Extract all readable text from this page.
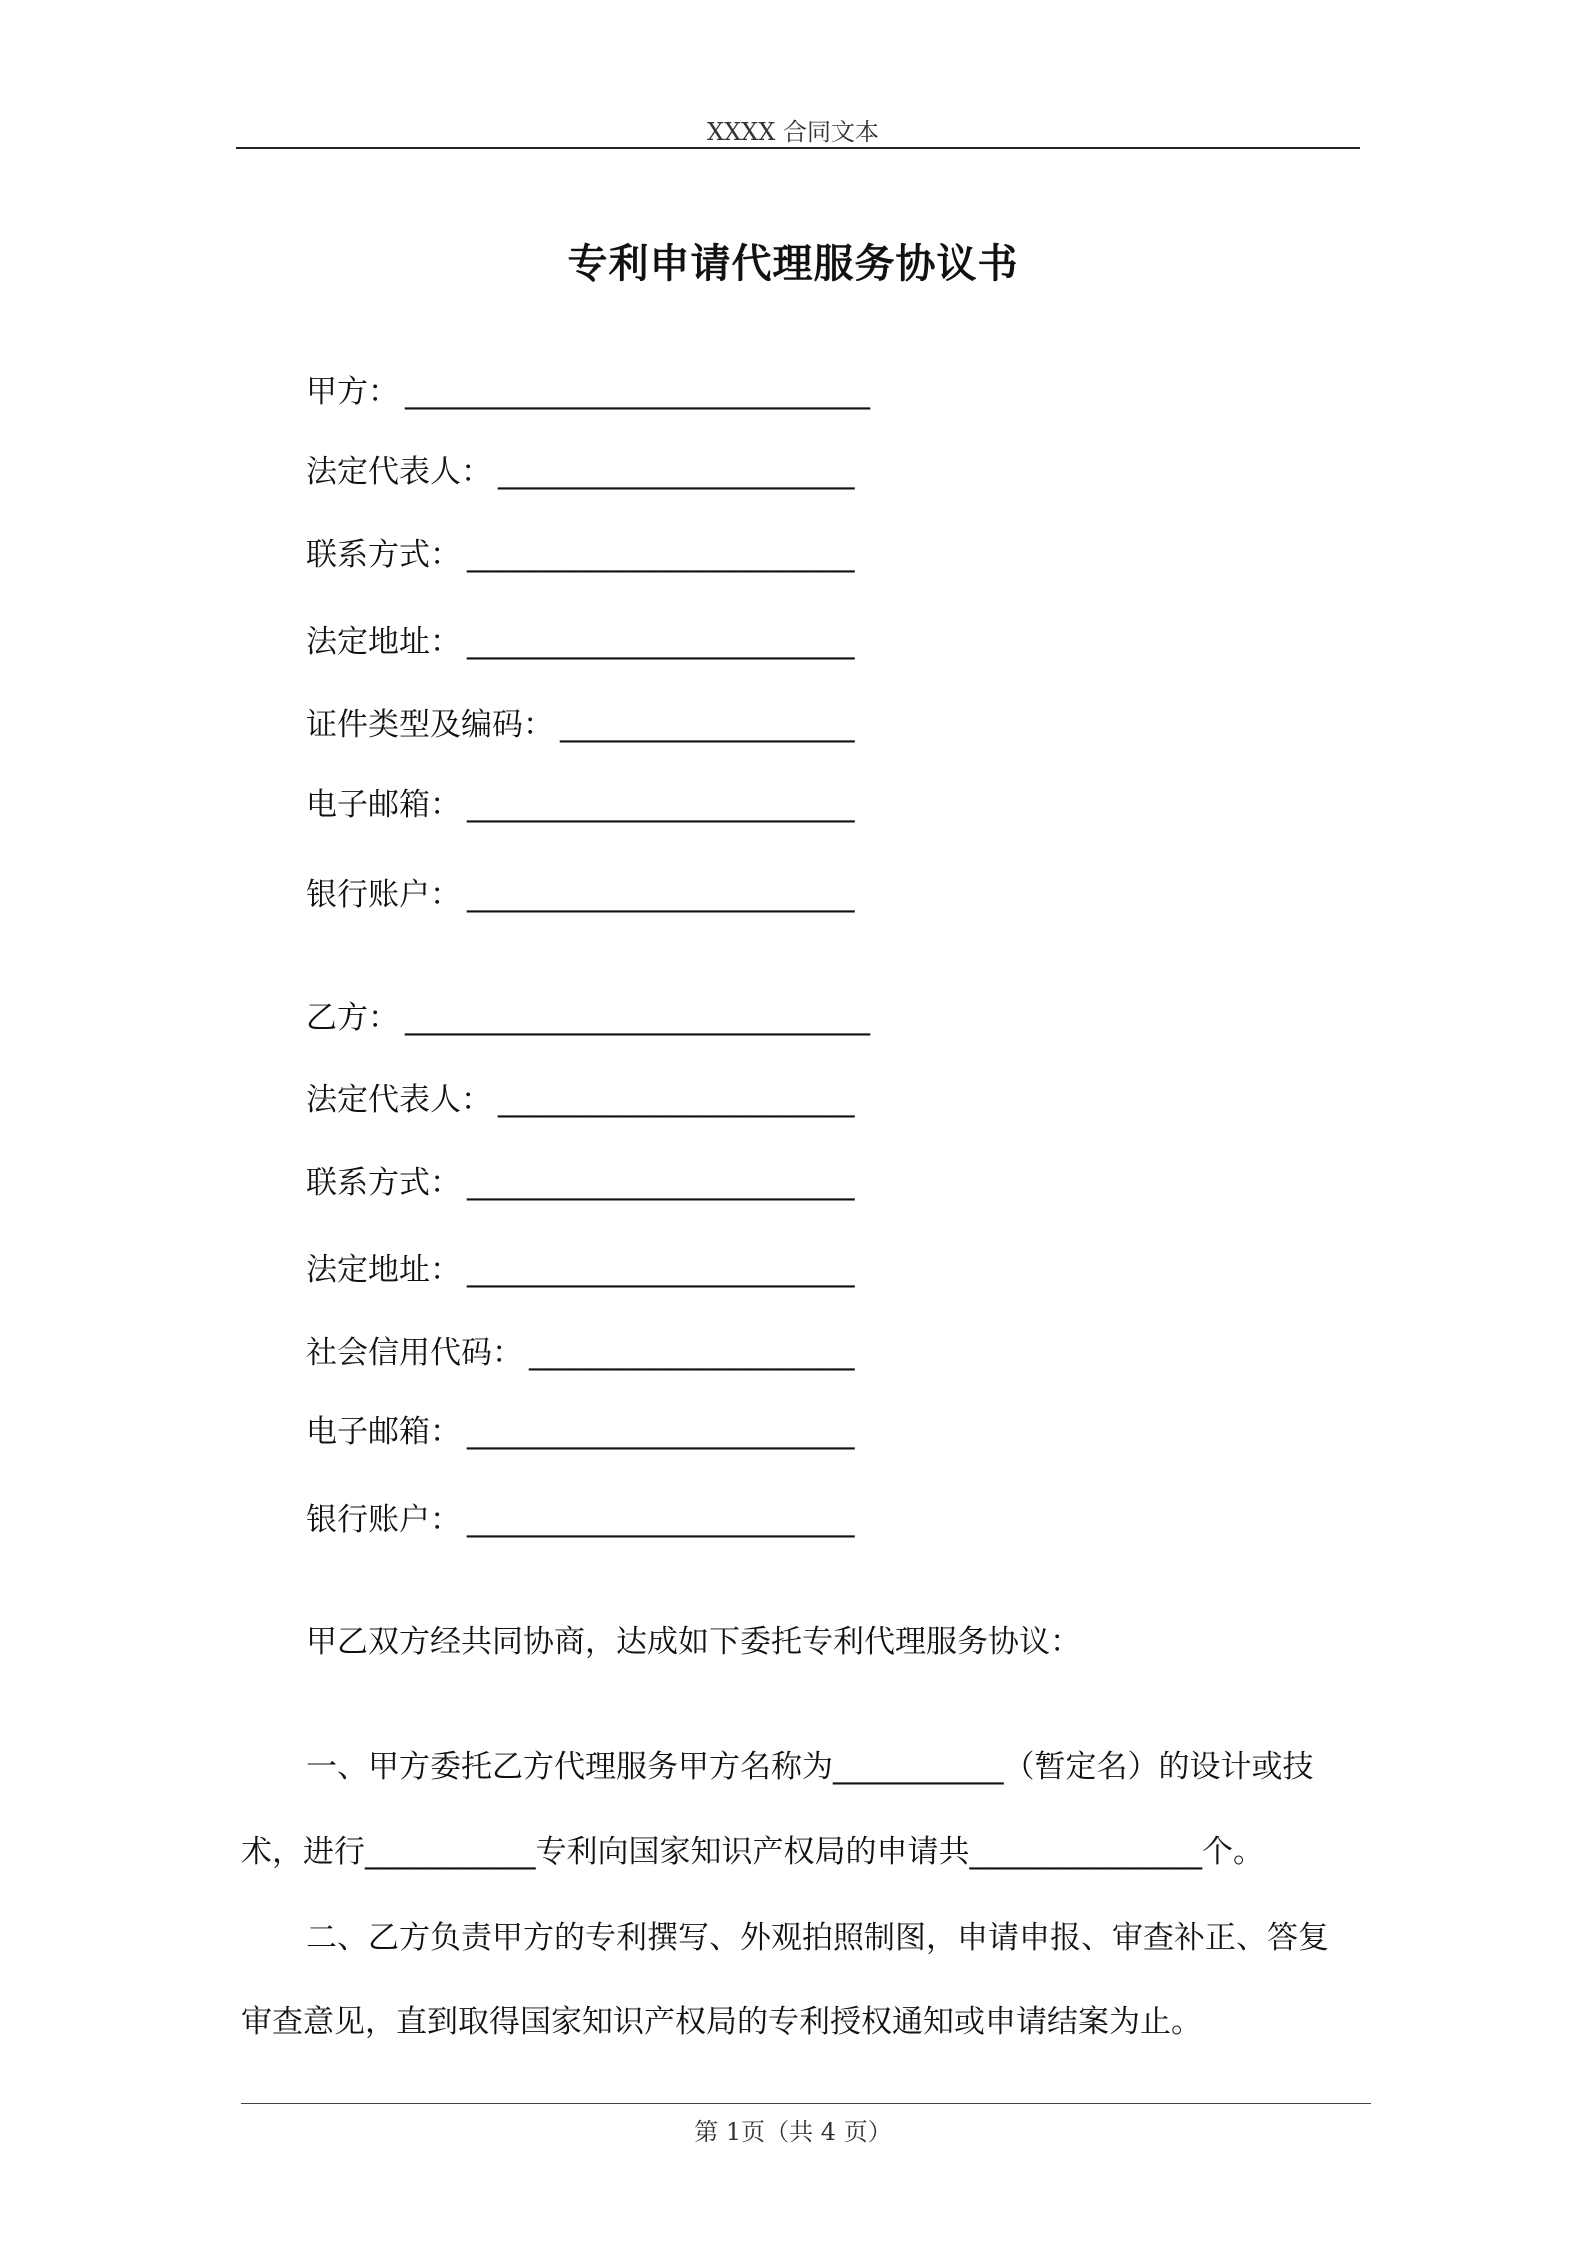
XXXX 合同文本
专利申请代理服务协议书
甲方： ______________________________
法定代表人： _______________________
联系方式： _________________________
法定地址： _________________________
证件类型及编码： ___________________
电子邮箱： _________________________
银行账户： _________________________
乙方： ______________________________
法定代表人： _______________________
联系方式： _________________________
法定地址： _________________________
社会信用代码： _____________________
电子邮箱： _________________________
银行账户： _________________________
甲乙双方经共同协商，达成如下委托专利代理服务协议：
一、甲方委托乙方代理服务甲方名称为___________（暂定名）的设计或技
术，进行___________专利向国家知识产权局的申请共_______________个。
二、乙方负责甲方的专利撰写、外观拍照制图，申请申报、审查补正、答复
审查意见，直到取得国家知识产权局的专利授权通知或申请结案为止。
第 1页（共 4 页）
